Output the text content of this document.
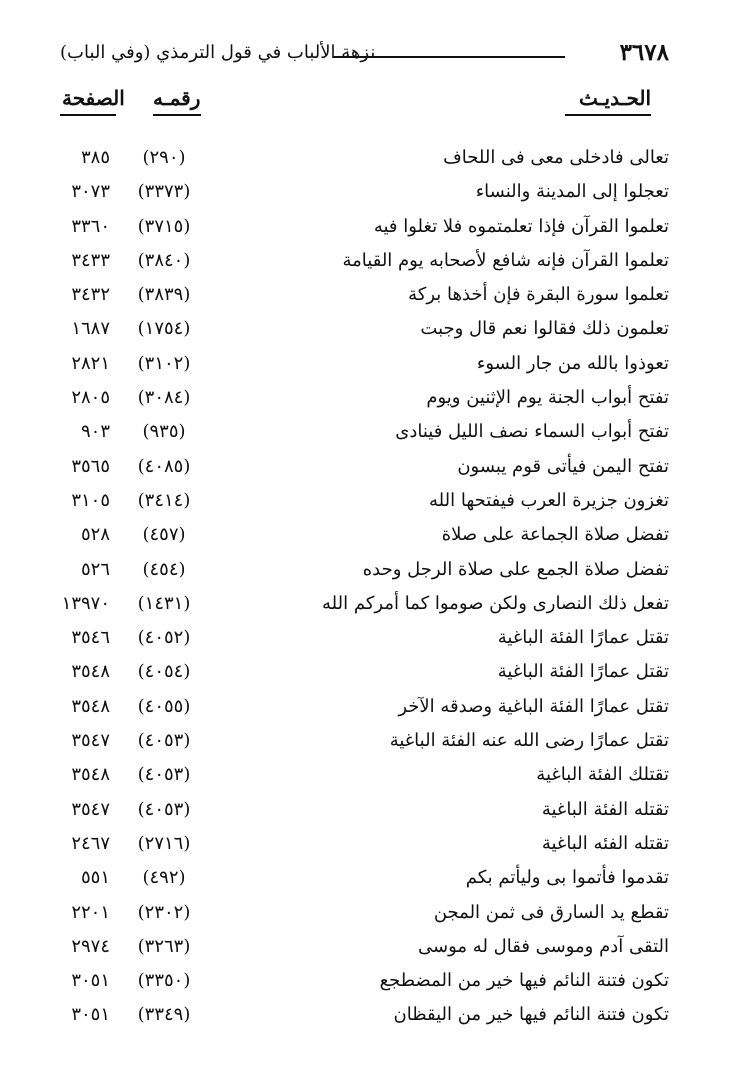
٣٦٧٨
نزهة الألباب في قول الترمذي (وفي الباب)
الحـديـث
رقمـه
الصفحة
تعالى فادخلى معى فى اللحاف
(٢٩٠)
٣٨٥
تعجلوا إلى المدينة والنساء
(٣٣٧٣)
٣٠٧٣
تعلموا القرآن فإذا تعلمتموه فلا تغلوا فيه
(٣٧١٥)
٣٣٦٠
تعلموا القرآن فإنه شافع لأصحابه يوم القيامة
(٣٨٤٠)
٣٤٣٣
تعلموا سورة البقرة فإن أخذها بركة
(٣٨٣٩)
٣٤٣٢
تعلمون ذلك فقالوا نعم قال وجبت
(١٧٥٤)
١٦٨٧
تعوذوا بالله من جار السوء
(٣١٠٢)
٢٨٢١
تفتح أبواب الجنة يوم الإثنين ويوم
(٣٠٨٤)
٢٨٠٥
تفتح أبواب السماء نصف الليل فينادى
(٩٣٥)
٩٠٣
تفتح اليمن فيأتى قوم يبسون
(٤٠٨٥)
٣٥٦٥
تغزون جزيرة العرب فيفتحها الله
(٣٤١٤)
٣١٠٥
تفضل صلاة الجماعة على صلاة
(٤٥٧)
٥٢٨
تفضل صلاة الجمع على صلاة الرجل وحده
(٤٥٤)
٥٢٦
تفعل ذلك النصارى ولكن صوموا كما أمركم الله
(١٤٣١)
١٣٩٧٠
تقتل عمارًا الفئة الباغية
(٤٠٥٢)
٣٥٤٦
تقتل عمارًا الفئة الباغية
(٤٠٥٤)
٣٥٤٨
تقتل عمارًا الفئة الباغية وصدقه الآخر
(٤٠٥٥)
٣٥٤٨
تقتل عمارًا رضى الله عنه الفئة الباغية
(٤٠٥٣)
٣٥٤٧
تقتلك الفئة الباغية
(٤٠٥٣)
٣٥٤٨
تقتله الفئة الباغية
(٤٠٥٣)
٣٥٤٧
تقتله الفئه الباغية
(٢٧١٦)
٢٤٦٧
تقدموا فأتموا بى وليأتم بكم
(٤٩٢)
٥٥١
تقطع يد السارق فى ثمن المجن
(٢٣٠٢)
٢٢٠١
التقى آدم وموسى فقال له موسى
(٣٢٦٣)
٢٩٧٤
تكون فتنة النائم فيها خير من المضطجع
(٣٣٥٠)
٣٠٥١
تكون فتنة النائم فيها خير من اليقظان
(٣٣٤٩)
٣٠٥١
